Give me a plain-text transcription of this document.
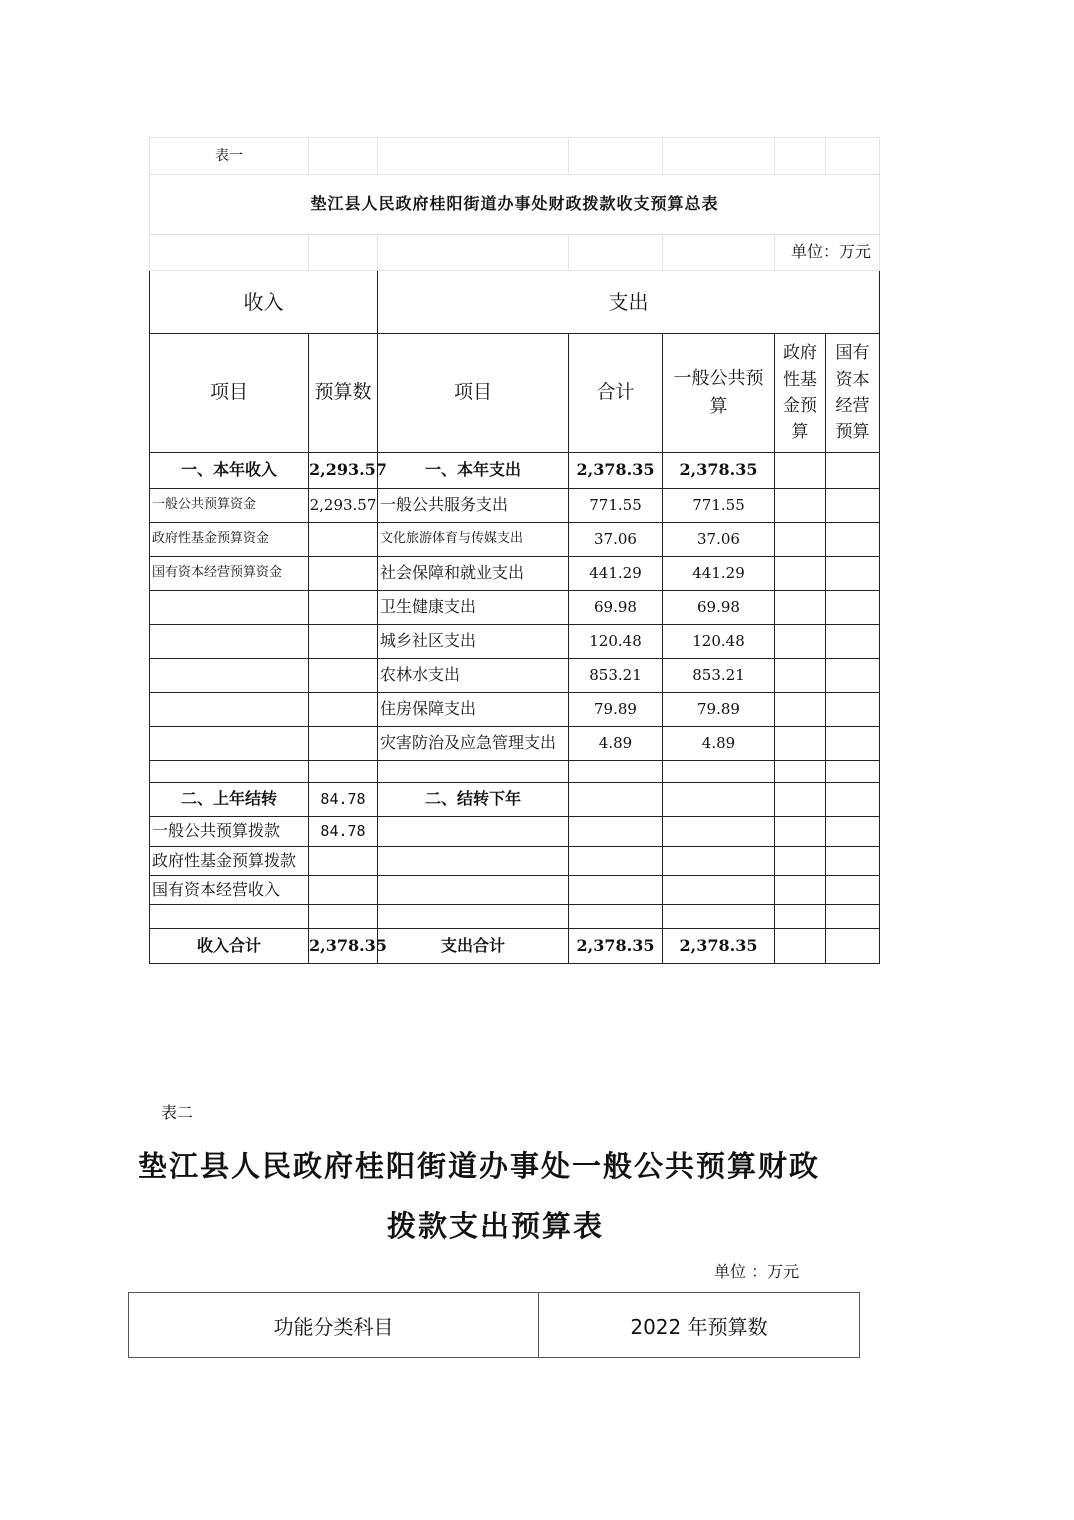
表一						
垫江县人民政府桂阳街道办事处财政拨款收支预算总表						
					单位：万元	
收入		支出				
项目	预算数	项目	合计	一般公共预算	政府性基金预算	国有资本经营预算
一、本年收入	2,293.57	一、本年支出	2,378.35	2,378.35		
一般公共预算资金	2,293.57	一般公共服务支出	771.55	771.55		
政府性基金预算资金		文化旅游体育与传媒支出	37.06	37.06		
国有资本经营预算资金		社会保障和就业支出	441.29	441.29		
		卫生健康支出	69.98	69.98		
		城乡社区支出	120.48	120.48		
		农林水支出	853.21	853.21		
		住房保障支出	79.89	79.89		
		灾害防治及应急管理支出	4.89	4.89		

二、上年结转	84.78	二、结转下年				
一般公共预算拨款	84.78					
政府性基金预算拨款						
国有资本经营收入						

收入合计	2,378.35	支出合计	2,378.35	2,378.35		
表二
垫江县人民政府桂阳街道办事处一般公共预算财政
拨款支出预算表
单位 ：万元
功能分类科目	2022 年预算数
